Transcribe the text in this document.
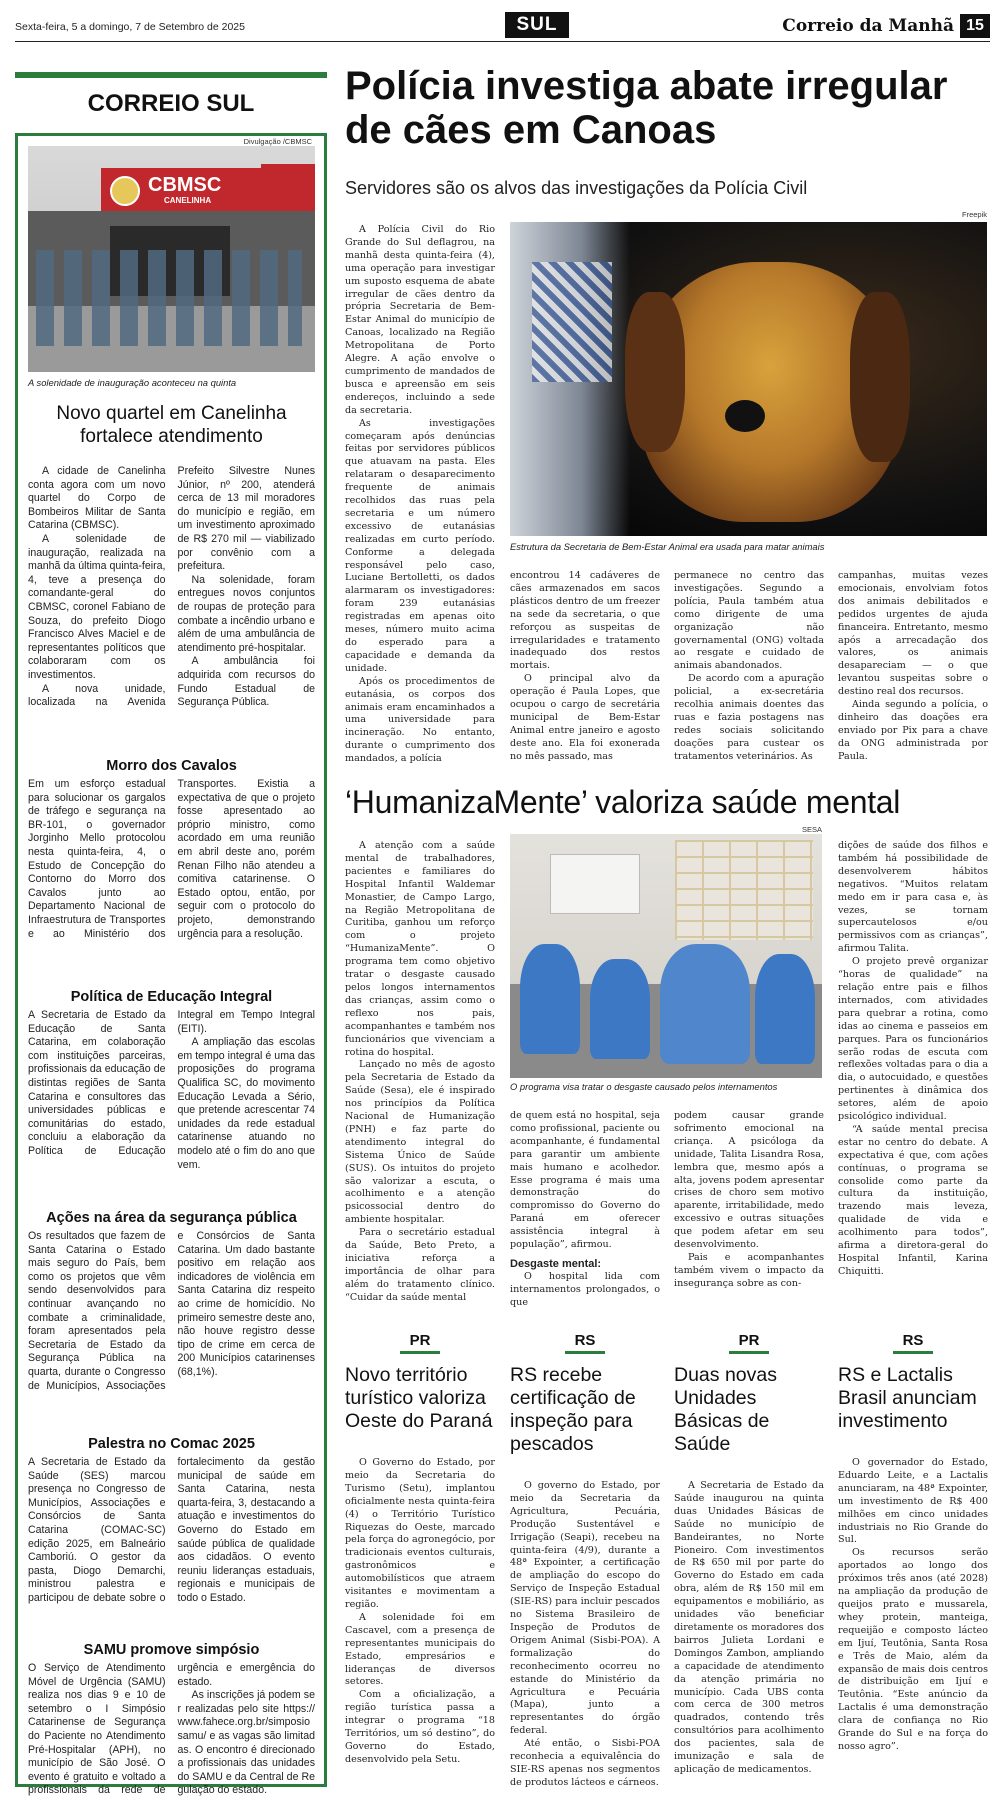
Sexta-feira, 5 a domingo, 7 de Setembro de 2025	SUL	Correio da Manhã 15
CORREIO SUL
Divulgação /CBMSC
CBMSC
CANELINHA
A solenidade de inauguração aconteceu na quinta
Novo quartel em Canelinha fortalece atendimento

A cidade de Canelinha conta agora com um novo quartel do Corpo de Bombeiros Militar de Santa Catarina (CBMSC).

A solenidade de inauguração, realizada na manhã da última quinta-feira, 4, teve a presença do comandante-geral do CBMSC, coronel Fabiano de Souza, do prefeito Diogo Francisco Alves Maciel e de representantes políticos que colaboraram com os investimentos.

A nova unidade, localizada na Avenida Prefeito Silvestre Nunes Júnior, nº 200, atenderá cerca de 13 mil moradores do município e região, em um investimento aproximado de R$ 270 mil — viabilizado por convênio com a prefeitura.

Na solenidade, foram entregues novos conjuntos de roupas de proteção para combate a incêndio urbano e além de uma ambulância de atendimento pré-hospitalar.

A ambulância foi adquirida com recursos do Fundo Estadual de Segurança Pública.

Morro dos Cavalos

Em um esforço estadual para solucionar os gargalos de tráfego e segurança na BR-101, o governador Jorginho Mello protocolou nesta quinta-feira, 4, o Estudo de Concepção do Contorno do Morro dos Cavalos junto ao Departamento Nacional de Infraestrutura de Transportes e ao Ministério dos Transportes. Existia a expectativa de que o projeto fosse apresentado ao próprio ministro, como acordado em uma reunião em abril deste ano, porém Renan Filho não atendeu a comitiva catarinense. O Estado optou, então, por seguir com o protocolo do projeto, demonstrando urgência para a resolução.

Política de Educação Integral

A Secretaria de Estado da Educação de Santa Catarina, em colaboração com instituições parceiras, profissionais da educação de distintas regiões de Santa Catarina e consultores das universidades públicas e comunitárias do estado, concluiu a elaboração da Política de Educação Integral em Tempo Integral (EITI).

A ampliação das escolas em tempo integral é uma das proposições do programa Qualifica SC, do movimento Educação Levada a Sério, que pretende acrescentar 74 unidades da rede estadual catarinense atuando no modelo até o fim do ano que vem.

Ações na área da segurança pública

Os resultados que fazem de Santa Catarina o Estado mais seguro do País, bem como os projetos que vêm sendo desenvolvidos para continuar avançando no combate a criminalidade, foram apresentados pela Secretaria de Estado da Segurança Pública na quarta, durante o Congresso de Municípios, Associações e Consórcios de Santa Catarina. Um dado bastante positivo em relação aos indicadores de violência em Santa Catarina diz respeito ao crime de homicídio. No primeiro semestre deste ano, não houve registro desse tipo de crime em cerca de 200 Municípios catarinenses (68,1%).

Palestra no Comac 2025

A Secretaria de Estado da Saúde (SES) marcou presença no Congresso de Municípios, Associações e Consórcios de Santa Catarina (COMAC-SC) edição 2025, em Balneário Camboriú. O gestor da pasta, Diogo Demarchi, ministrou palestra e participou de debate sobre o fortalecimento da gestão municipal de saúde em Santa Catarina, nesta quarta-feira, 3, destacando a atuação e investimentos do Governo do Estado em saúde pública de qualidade aos cidadãos. O evento reuniu lideranças estaduais, regionais e municipais de todo o Estado.

SAMU promove simpósio

O Serviço de Atendimento Móvel de Urgência (SAMU) realiza nos dias 9 e 10 de setembro o I Simpósio Catarinense de Segurança do Paciente no Atendimento Pré-Hospitalar (APH), no município de São José. O evento é gratuito e voltado a profissionais da rede de urgência e emergência do estado.

As inscrições já podem ser realizadas pelo site https://www.fahece.org.br/simposiosamu/ e as vagas são limitadas. O encontro é direcionado a profissionais das unidades do SAMU e da Central de Regulação do estado.

Polícia investiga abate irregular de cães em Canoas
Servidores são os alvos das investigações da Polícia Civil
Freepik

A Polícia Civil do Rio Grande do Sul deflagrou, na manhã desta quinta-feira (4), uma operação para investigar um suposto esquema de abate irregular de cães dentro da própria Secretaria de Bem-Estar Animal do município de Canoas, localizado na Região Metropolitana de Porto Alegre. A ação envolve o cumprimento de mandados de busca e apreensão em seis endereços, incluindo a sede da secretaria.

As investigações começaram após denúncias feitas por servidores públicos que atuavam na pasta. Eles relataram o desaparecimento frequente de animais recolhidos das ruas pela secretaria e um número excessivo de eutanásias realizadas em curto período. Conforme a delegada responsável pelo caso, Luciane Bertolletti, os dados alarmaram os investigadores: foram 239 eutanásias registradas em apenas oito meses, número muito acima do esperado para a capacidade e demanda da unidade.

Após os procedimentos de eutanásia, os corpos dos animais eram encaminhados a uma universidade para incineração. No entanto, durante o cumprimento dos mandados, a polícia

Estrutura da Secretaria de Bem-Estar Animal era usada para matar animais

encontrou 14 cadáveres de cães armazenados em sacos plásticos dentro de um freezer na sede da secretaria, o que reforçou as suspeitas de irregularidades e tratamento inadequado dos restos mortais.

O principal alvo da operação é Paula Lopes, que ocupou o cargo de secretária municipal de Bem-Estar Animal entre janeiro e agosto deste ano. Ela foi exonerada no mês passado, mas

permanece no centro das investigações. Segundo a polícia, Paula também atua como dirigente de uma organização não governamental (ONG) voltada ao resgate e cuidado de animais abandonados.

De acordo com a apuração policial, a ex-secretária recolhia animais doentes das ruas e fazia postagens nas redes sociais solicitando doações para custear os tratamentos veterinários. As

campanhas, muitas vezes emocionais, envolviam fotos dos animais debilitados e pedidos urgentes de ajuda financeira. Entretanto, mesmo após a arrecadação dos valores, os animais desapareciam — o que levantou suspeitas sobre o destino real dos recursos.

Ainda segundo a polícia, o dinheiro das doações era enviado por Pix para a chave da ONG administrada por Paula.

‘HumanizaMente’ valoriza saúde mental
SESA

A atenção com a saúde mental de trabalhadores, pacientes e familiares do Hospital Infantil Waldemar Monastier, de Campo Largo, na Região Metropolitana de Curitiba, ganhou um reforço com o projeto “HumanizaMente”. O programa tem como objetivo tratar o desgaste causado pelos longos internamentos das crianças, assim como o reflexo nos pais, acompanhantes e também nos funcionários que vivenciam a rotina do hospital.

Lançado no mês de agosto pela Secretaria de Estado da Saúde (Sesa), ele é inspirado nos princípios da Política Nacional de Humanização (PNH) e faz parte do atendimento integral do Sistema Único de Saúde (SUS). Os intuitos do projeto são valorizar a escuta, o acolhimento e a atenção psicossocial dentro do ambiente hospitalar.

Para o secretário estadual da Saúde, Beto Preto, a iniciativa reforça a importância de olhar para além do tratamento clínico. “Cuidar da saúde mental

O programa visa tratar o desgaste causado pelos internamentos

de quem está no hospital, seja como profissional, paciente ou acompanhante, é fundamental para garantir um ambiente mais humano e acolhedor. Esse programa é mais uma demonstração do compromisso do Governo do Paraná em oferecer assistência integral à população”, afirmou.

Desgaste mental:

O hospital lida com internamentos prolongados, o que

podem causar grande sofrimento emocional na criança. A psicóloga da unidade, Talita Lisandra Rosa, lembra que, mesmo após a alta, jovens podem apresentar crises de choro sem motivo aparente, irritabilidade, medo excessivo e outras situações que podem afetar em seu desenvolvimento.

Pais e acompanhantes também vivem o impacto da insegurança sobre as con-

dições de saúde dos filhos e também há possibilidade de desenvolverem hábitos negativos. “Muitos relatam medo em ir para casa e, às vezes, se tornam supercautelosos e/ou permissivos com as crianças”, afirmou Talita.

O projeto prevê organizar “horas de qualidade” na relação entre pais e filhos internados, com atividades para quebrar a rotina, como idas ao cinema e passeios em parques. Para os funcionários serão rodas de escuta com reflexões voltadas para o dia a dia, o autocuidado, e questões pertinentes à dinâmica dos setores, além de apoio psicológico individual.

“A saúde mental precisa estar no centro do debate. A expectativa é que, com ações contínuas, o programa se consolide como parte da cultura da instituição, trazendo mais leveza, qualidade de vida e acolhimento para todos”, afirma a diretora-geral do Hospital Infantil, Karina Chiquitti.

PR
Novo território turístico valoriza Oeste do Paraná

O Governo do Estado, por meio da Secretaria do Turismo (Setu), implantou oficialmente nesta quinta-feira (4) o Território Turístico Riquezas do Oeste, marcado pela força do agronegócio, por tradicionais eventos culturais, gastronômicos e automobilísticos que atraem visitantes e movimentam a região.

A solenidade foi em Cascavel, com a presença de representantes municipais do Estado, empresários e lideranças de diversos setores.

Com a oficialização, a região turística passa a integrar o programa “18 Territórios, um só destino”, do Governo do Estado, desenvolvido pela Setu.

RS
RS recebe certificação de inspeção para pescados

O governo do Estado, por meio da Secretaria da Agricultura, Pecuária, Produção Sustentável e Irrigação (Seapi), recebeu na quinta-feira (4/9), durante a 48ª Expointer, a certificação de ampliação do escopo do Serviço de Inspeção Estadual (SIE-RS) para incluir pescados no Sistema Brasileiro de Inspeção de Produtos de Origem Animal (Sisbi-POA). A formalização do reconhecimento ocorreu no estande do Ministério da Agricultura e Pecuária (Mapa), junto a representantes do órgão federal.

Até então, o Sisbi-POA reconhecia a equivalência do SIE-RS apenas nos segmentos de produtos lácteos e cárneos.

PR
Duas novas Unidades Básicas de Saúde

A Secretaria de Estado da Saúde inaugurou na quinta duas Unidades Básicas de Saúde no município de Bandeirantes, no Norte Pioneiro. Com investimentos de R$ 650 mil por parte do Governo do Estado em cada obra, além de R$ 150 mil em equipamentos e mobiliário, as unidades vão beneficiar diretamente os moradores dos bairros Julieta Lordani e Domingos Zambon, ampliando a capacidade de atendimento da atenção primária no município. Cada UBS conta com cerca de 300 metros quadrados, contendo três consultórios para acolhimento dos pacientes, sala de imunização e sala de aplicação de medicamentos.

RS
RS e Lactalis Brasil anunciam investimento

O governador do Estado, Eduardo Leite, e a Lactalis anunciaram, na 48ª Expointer, um investimento de R$ 400 milhões em cinco unidades industriais no Rio Grande do Sul.

Os recursos serão aportados ao longo dos próximos três anos (até 2028) na ampliação da produção de queijos prato e mussarela, whey protein, manteiga, requeijão e composto lácteo em Ijuí, Teutônia, Santa Rosa e Três de Maio, além da expansão de mais dois centros de distribuição em Ijuí e Teutônia. “Este anúncio da Lactalis é uma demonstração clara de confiança no Rio Grande do Sul e na força do nosso agro”.
